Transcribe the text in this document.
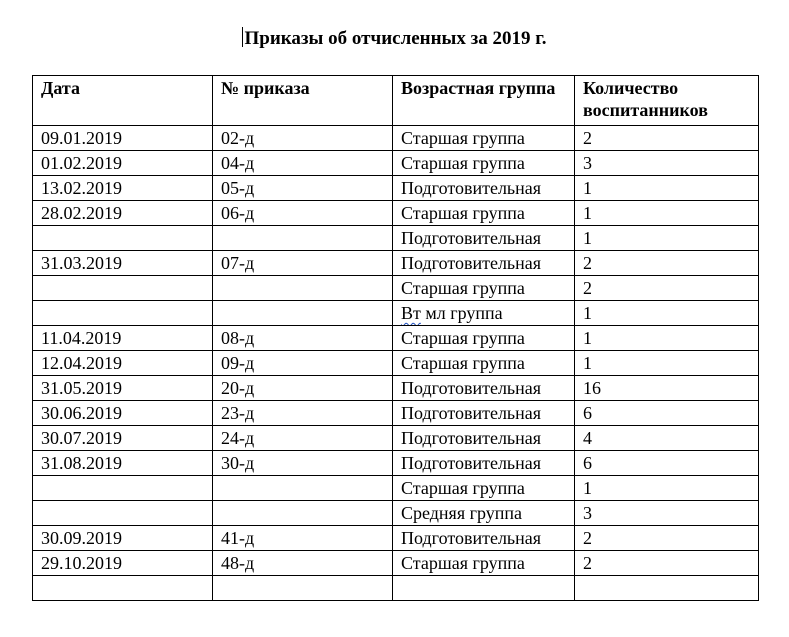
Приказы об отчисленных за 2019 г.
Дата	№ приказа	Возрастная группа	Количество воспитанников
09.01.2019	02-д	Старшая группа	2
01.02.2019	04-д	Старшая группа	3
13.02.2019	05-д	Подготовительная	1
28.02.2019	06-д	Старшая группа	1
		Подготовительная	1
31.03.2019	07-д	Подготовительная	2
		Старшая группа	2
		Вт мл группа	1
11.04.2019	08-д	Старшая группа	1
12.04.2019	09-д	Старшая группа	1
31.05.2019	20-д	Подготовительная	16
30.06.2019	23-д	Подготовительная	6
30.07.2019	24-д	Подготовительная	4
31.08.2019	30-д	Подготовительная	6
		Старшая группа	1
		Средняя группа	3
30.09.2019	41-д	Подготовительная	2
29.10.2019	48-д	Старшая группа	2
